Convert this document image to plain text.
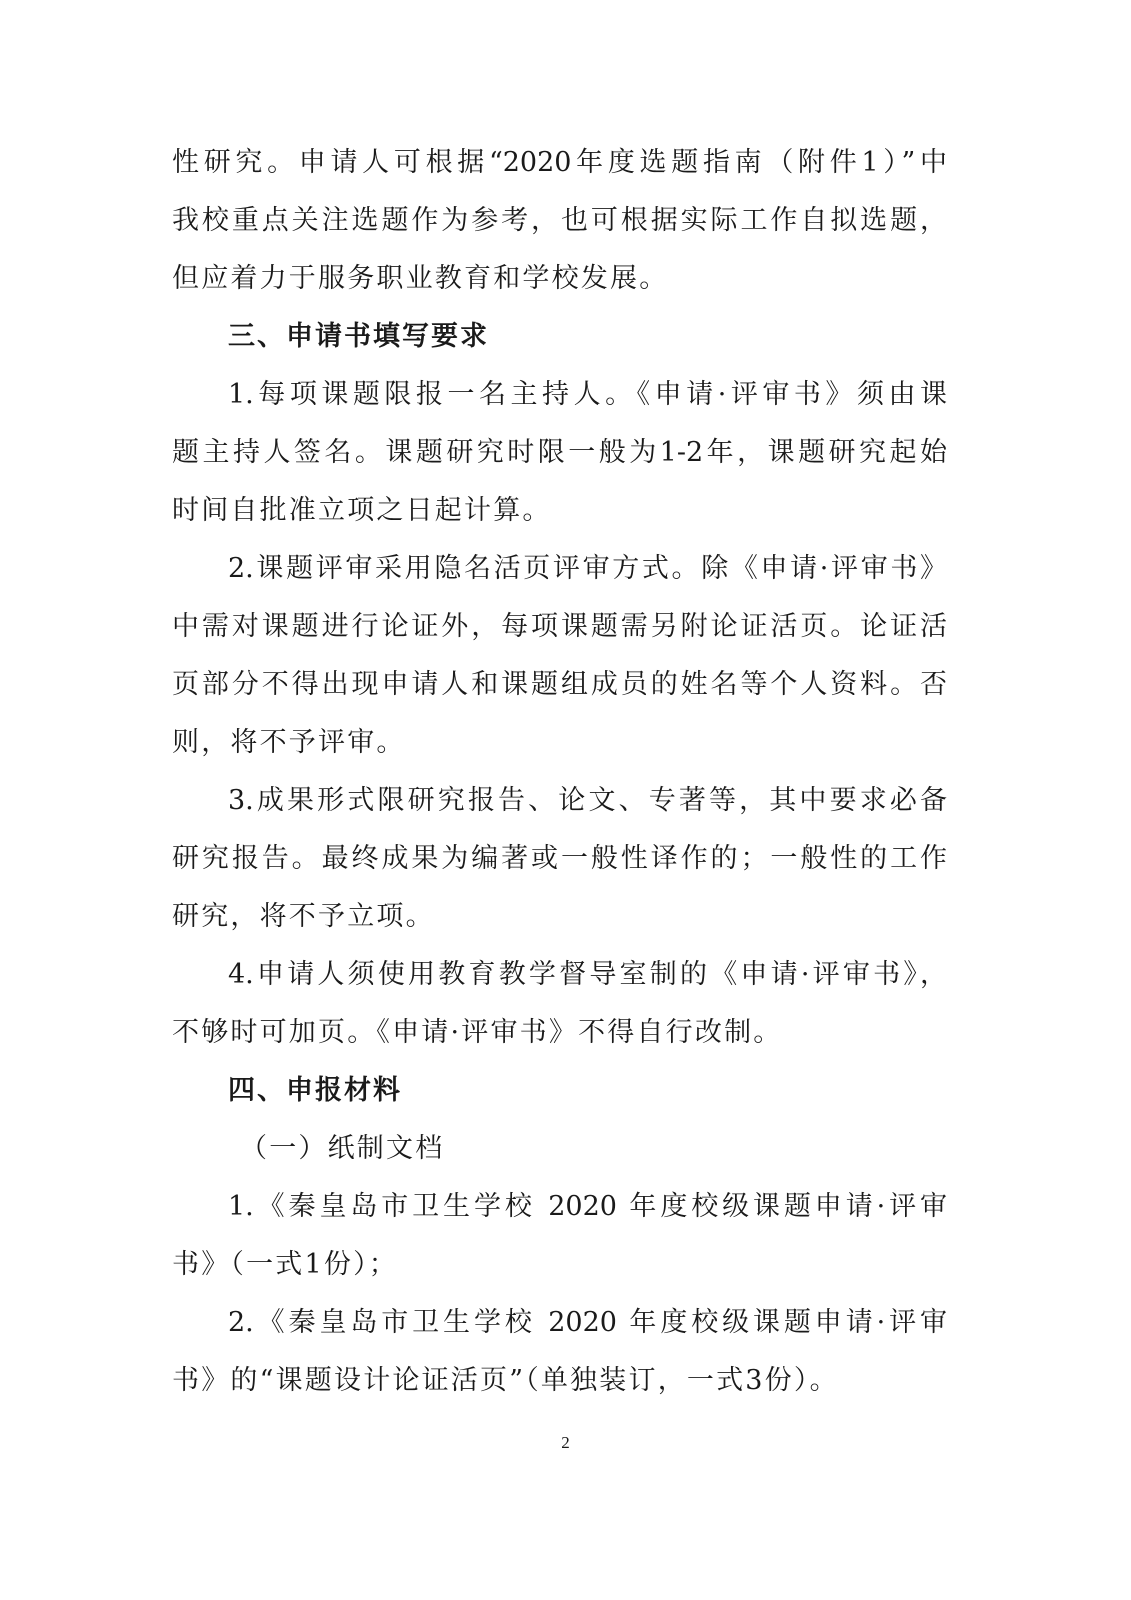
性研究。申请人可根据“2020年度选题指南（附件1）”中
我校重点关注选题作为参考，也可根据实际工作自拟选题，
但应着力于服务职业教育和学校发展。
三、申请书填写要求
1.每项课题限报一名主持人。《申请·评审书》须由课
题主持人签名。课题研究时限一般为1-2年，课题研究起始
时间自批准立项之日起计算。
2.课题评审采用隐名活页评审方式。除《申请·评审书》
中需对课题进行论证外，每项课题需另附论证活页。论证活
页部分不得出现申请人和课题组成员的姓名等个人资料。否
则，将不予评审。
3.成果形式限研究报告、论文、专著等，其中要求必备
研究报告。最终成果为编著或一般性译作的；一般性的工作
研究，将不予立项。
4.申请人须使用教育教学督导室制的《申请·评审书》，
不够时可加页。《申请·评审书》不得自行改制。
四、申报材料
（一）纸制文档
1.《秦皇岛市卫生学校 2020 年度校级课题申请·评审
书》（一式1份）；
2.《秦皇岛市卫生学校 2020 年度校级课题申请·评审
书》的“课题设计论证活页”（单独装订，一式3份）。
2
